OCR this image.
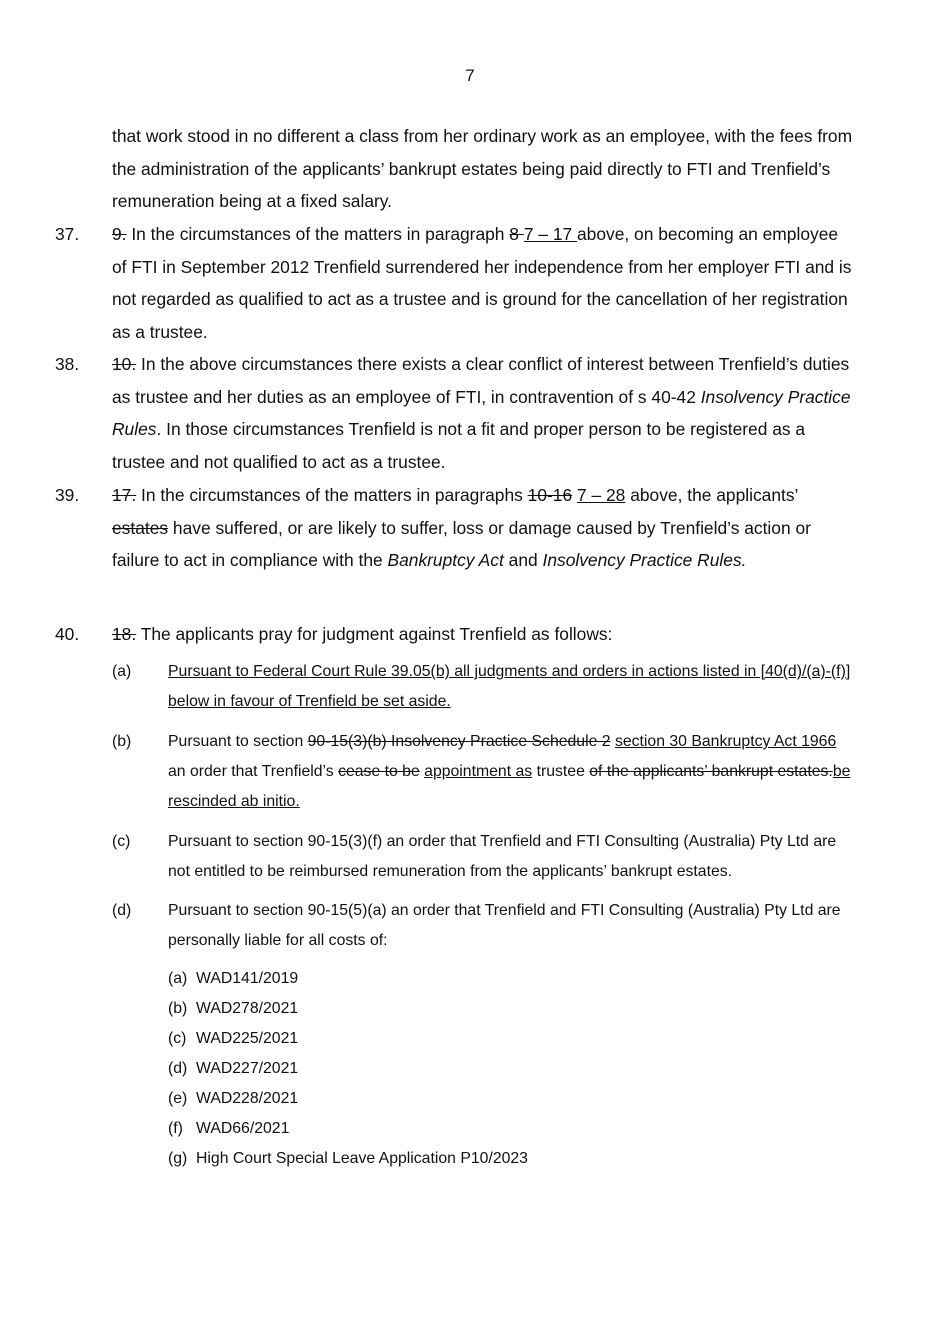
7
that work stood in no different a class from her ordinary work as an employee, with the fees from the administration of the applicants’ bankrupt estates being paid directly to FTI and Trenfield’s remuneration being at a fixed salary.
37. 9. In the circumstances of the matters in paragraph 8 7 – 17 above, on becoming an employee of FTI in September 2012 Trenfield surrendered her independence from her employer FTI and is not regarded as qualified to act as a trustee and is ground for the cancellation of her registration as a trustee.
38. 10. In the above circumstances there exists a clear conflict of interest between Trenfield’s duties as trustee and her duties as an employee of FTI, in contravention of s 40-42 Insolvency Practice Rules. In those circumstances Trenfield is not a fit and proper person to be registered as a trustee and not qualified to act as a trustee.
39. 17. In the circumstances of the matters in paragraphs 10-16 7 – 28 above, the applicants’ estates have suffered, or are likely to suffer, loss or damage caused by Trenfield’s action or failure to act in compliance with the Bankruptcy Act and Insolvency Practice Rules.
40. 18. The applicants pray for judgment against Trenfield as follows:
(a) Pursuant to Federal Court Rule 39.05(b) all judgments and orders in actions listed in [40(d)/(a)-(f)] below in favour of Trenfield be set aside.
(b) Pursuant to section 90-15(3)(b) Insolvency Practice Schedule 2 section 30 Bankruptcy Act 1966 an order that Trenfield’s cease to be appointment as trustee of the applicants’ bankrupt estates.be rescinded ab initio.
(c) Pursuant to section 90-15(3)(f) an order that Trenfield and FTI Consulting (Australia) Pty Ltd are not entitled to be reimbursed remuneration from the applicants’ bankrupt estates.
(d) Pursuant to section 90-15(5)(a) an order that Trenfield and FTI Consulting (Australia) Pty Ltd are personally liable for all costs of:
(a) WAD141/2019
(b) WAD278/2021
(c) WAD225/2021
(d) WAD227/2021
(e) WAD228/2021
(f) WAD66/2021
(g) High Court Special Leave Application P10/2023
